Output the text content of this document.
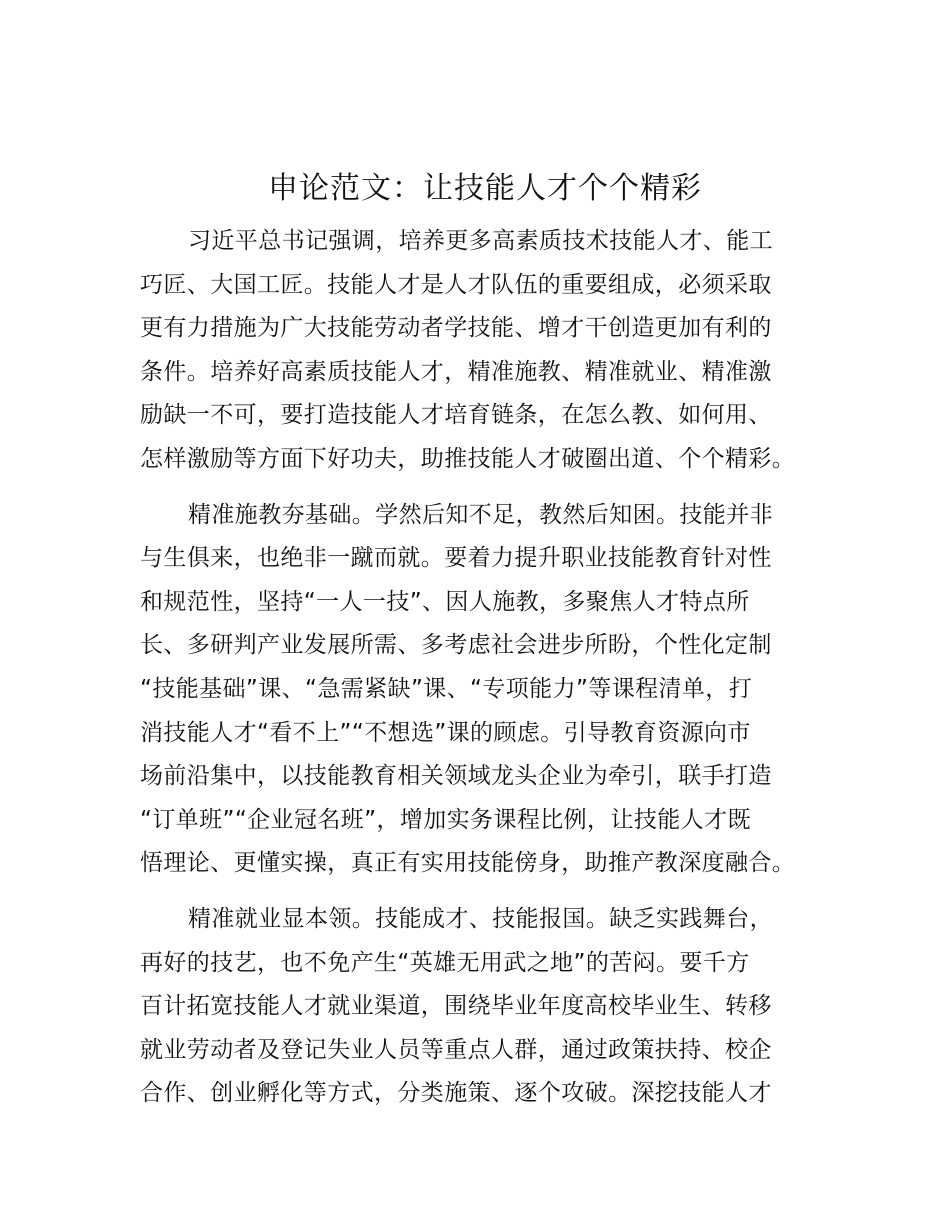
申论范文：让技能人才个个精彩
习近平总书记强调，培养更多高素质技术技能人才、能工
巧匠、大国工匠。技能人才是人才队伍的重要组成，必须采取
更有力措施为广大技能劳动者学技能、增才干创造更加有利的
条件。培养好高素质技能人才，精准施教、精准就业、精准激
励缺一不可，要打造技能人才培育链条，在怎么教、如何用、
怎样激励等方面下好功夫，助推技能人才破圈出道、个个精彩。
精准施教夯基础。学然后知不足，教然后知困。技能并非
与生俱来，也绝非一蹴而就。要着力提升职业技能教育针对性
和规范性，坚持“一人一技”、因人施教，多聚焦人才特点所
长、多研判产业发展所需、多考虑社会进步所盼，个性化定制
“技能基础”课、“急需紧缺”课、“专项能力”等课程清单，打
消技能人才“看不上”“不想选”课的顾虑。引导教育资源向市
场前沿集中，以技能教育相关领域龙头企业为牵引，联手打造
“订单班”“企业冠名班”，增加实务课程比例，让技能人才既
悟理论、更懂实操，真正有实用技能傍身，助推产教深度融合。
精准就业显本领。技能成才、技能报国。缺乏实践舞台，
再好的技艺，也不免产生“英雄无用武之地”的苦闷。要千方
百计拓宽技能人才就业渠道，围绕毕业年度高校毕业生、转移
就业劳动者及登记失业人员等重点人群，通过政策扶持、校企
合作、创业孵化等方式，分类施策、逐个攻破。深挖技能人才
